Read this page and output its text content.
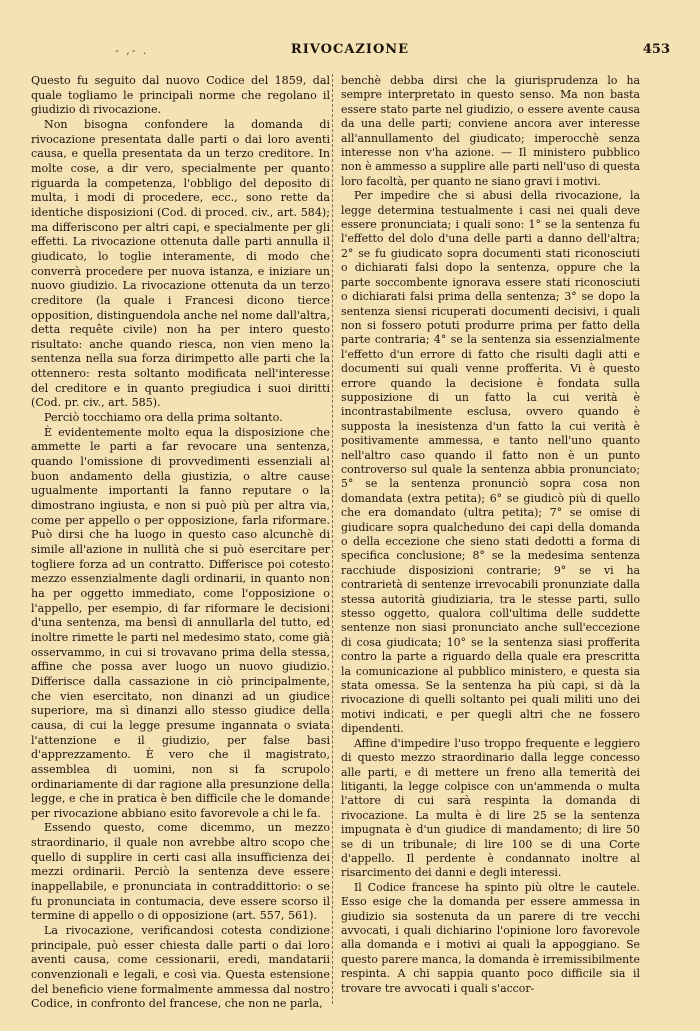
- ,- .	RIVOCAZIONE	453

Questo fu seguito dal nuovo Codice del 1859, dal quale togliamo le principali norme che regolano il giudizio di rivocazione.

Non bisogna confondere la domanda di rivocazione presentata dalle parti o dai loro aventi causa, e quella presentata da un terzo creditore. In molte cose, a dir vero, specialmente per quanto riguarda la competenza, l'obbligo del deposito di multa, i modi di procedere, ecc., sono rette da identiche disposizioni (Cod. di proced. civ., art. 584); ma differiscono per altri capi, e specialmente per gli effetti. La rivocazione ottenuta dalle parti annulla il giudicato, lo toglie interamente, di modo che converrà procedere per nuova istanza, e iniziare un nuovo giudizio. La rivocazione ottenuta da un terzo creditore (la quale i Francesi dicono tierce opposition, distinguendola anche nel nome dall'altra, detta requête civile) non ha per intero questo risultato: anche quando riesca, non vien meno la sentenza nella sua forza dirimpetto alle parti che la ottennero: resta soltanto modificata nell'interesse del creditore e in quanto pregiudica i suoi diritti (Cod. pr. civ., art. 585).

Perciò tocchiamo ora della prima soltanto.

È evidentemente molto equa la disposizione che ammette le parti a far revocare una sentenza, quando l'omissione di provvedimenti essenziali al buon andamento della giustizia, o altre cause ugualmente importanti la fanno reputare o la dimostrano ingiusta, e non si può più per altra via, come per appello o per opposizione, farla riformare. Può dirsi che ha luogo in questo caso alcunchè di simile all'azione in nullità che si può esercitare per togliere forza ad un contratto. Differisce poi cotesto mezzo essenzialmente dagli ordinarii, in quanto non ha per oggetto immediato, come l'opposizione o l'appello, per esempio, di far riformare le decisioni d'una sentenza, ma bensì di annullarla del tutto, ed inoltre rimette le parti nel medesimo stato, come già osservammo, in cui si trovavano prima della stessa, affine che possa aver luogo un nuovo giudizio. Differisce dalla cassazione in ciò principalmente, che vien esercitato, non dinanzi ad un giudice superiore, ma sì dinanzi allo stesso giudice della causa, di cui la legge presume ingannata o sviata l'attenzione e il giudizio, per false basi d'apprezzamento. È vero che il magistrato, assemblea di uomini, non si fa scrupolo ordinariamente di dar ragione alla presunzione della legge, e che in pratica è ben difficile che le domande per rivocazione abbiano esito favorevole a chi le fa.

Essendo questo, come dicemmo, un mezzo straordinario, il quale non avrebbe altro scopo che quello di supplire in certi casi alla insufficienza dei mezzi ordinarii. Perciò la sentenza deve essere inappellabile, e pronunciata in contraddittorio: o se fu pronunciata in contumacia, deve essere scorso il termine di appello o di opposizione (art. 557, 561).

La rivocazione, verificandosi cotesta condizione principale, può esser chiesta dalle parti o dai loro aventi causa, come cessionarii, eredi, mandatarii convenzionali e legali, e così via. Questa estensione del beneficio viene formalmente ammessa dal nostro Codice, in confronto del francese, che non ne parla,

benchè debba dirsi che la giurisprudenza lo ha sempre interpretato in questo senso. Ma non basta essere stato parte nel giudizio, o essere avente causa da una delle parti; conviene ancora aver interesse all'annullamento del giudicato; imperocchè senza interesse non v'ha azione. — Il ministero pubblico non è ammesso a supplire alle parti nell'uso di questa loro facoltà, per quanto ne siano gravi i motivi.

Per impedire che si abusi della rivocazione, la legge determina testualmente i casi nei quali deve essere pronunciata; i quali sono: 1° se la sentenza fu l'effetto del dolo d'una delle parti a danno dell'altra; 2° se fu giudicato sopra documenti stati riconosciuti o dichiarati falsi dopo la sentenza, oppure che la parte soccombente ignorava essere stati riconosciuti o dichiarati falsi prima della sentenza; 3° se dopo la sentenza siensi ricuperati documenti decisivi, i quali non si fossero potuti produrre prima per fatto della parte contraria; 4° se la sentenza sia essenzialmente l'effetto d'un errore di fatto che risulti dagli atti e documenti sui quali venne profferita. Vi è questo errore quando la decisione è fondata sulla supposizione di un fatto la cui verità è incontrastabilmente esclusa, ovvero quando è supposta la inesistenza d'un fatto la cui verità è positivamente ammessa, e tanto nell'uno quanto nell'altro caso quando il fatto non è un punto controverso sul quale la sentenza abbia pronunciato; 5° se la sentenza pronunciò sopra cosa non domandata (extra petita); 6° se giudicò più di quello che era domandato (ultra petita); 7° se omise di giudicare sopra qualcheduno dei capi della domanda o della eccezione che sieno stati dedotti a forma di specifica conclusione; 8° se la medesima sentenza racchiude disposizioni contrarie; 9° se vi ha contrarietà di sentenze irrevocabili pronunziate dalla stessa autorità giudiziaria, tra le stesse parti, sullo stesso oggetto, qualora coll'ultima delle suddette sentenze non siasi pronunciato anche sull'eccezione di cosa giudicata; 10° se la sentenza siasi profferita contro la parte a riguardo della quale era prescritta la comunicazione al pubblico ministero, e questa sia stata omessa. Se la sentenza ha più capi, si dà la rivocazione di quelli soltanto pei quali militi uno dei motivi indicati, e per quegli altri che ne fossero dipendenti.

Affine d'impedire l'uso troppo frequente e leggiero di questo mezzo straordinario dalla legge concesso alle parti, e di mettere un freno alla temerità dei litiganti, la legge colpisce con un'ammenda o multa l'attore di cui sarà respinta la domanda di rivocazione. La multa è di lire 25 se la sentenza impugnata è d'un giudice di mandamento; di lire 50 se di un tribunale; di lire 100 se di una Corte d'appello. Il perdente è condannato inoltre al risarcimento dei danni e degli interessi.

Il Codice francese ha spinto più oltre le cautele. Esso esige che la domanda per essere ammessa in giudizio sia sostenuta da un parere di tre vecchi avvocati, i quali dichiarino l'opinione loro favorevole alla domanda e i motivi ai quali la appoggiano. Se questo parere manca, la domanda è irremissibilmente respinta. A chi sappia quanto poco difficile sia il trovare tre avvocati i quali s'accor-
